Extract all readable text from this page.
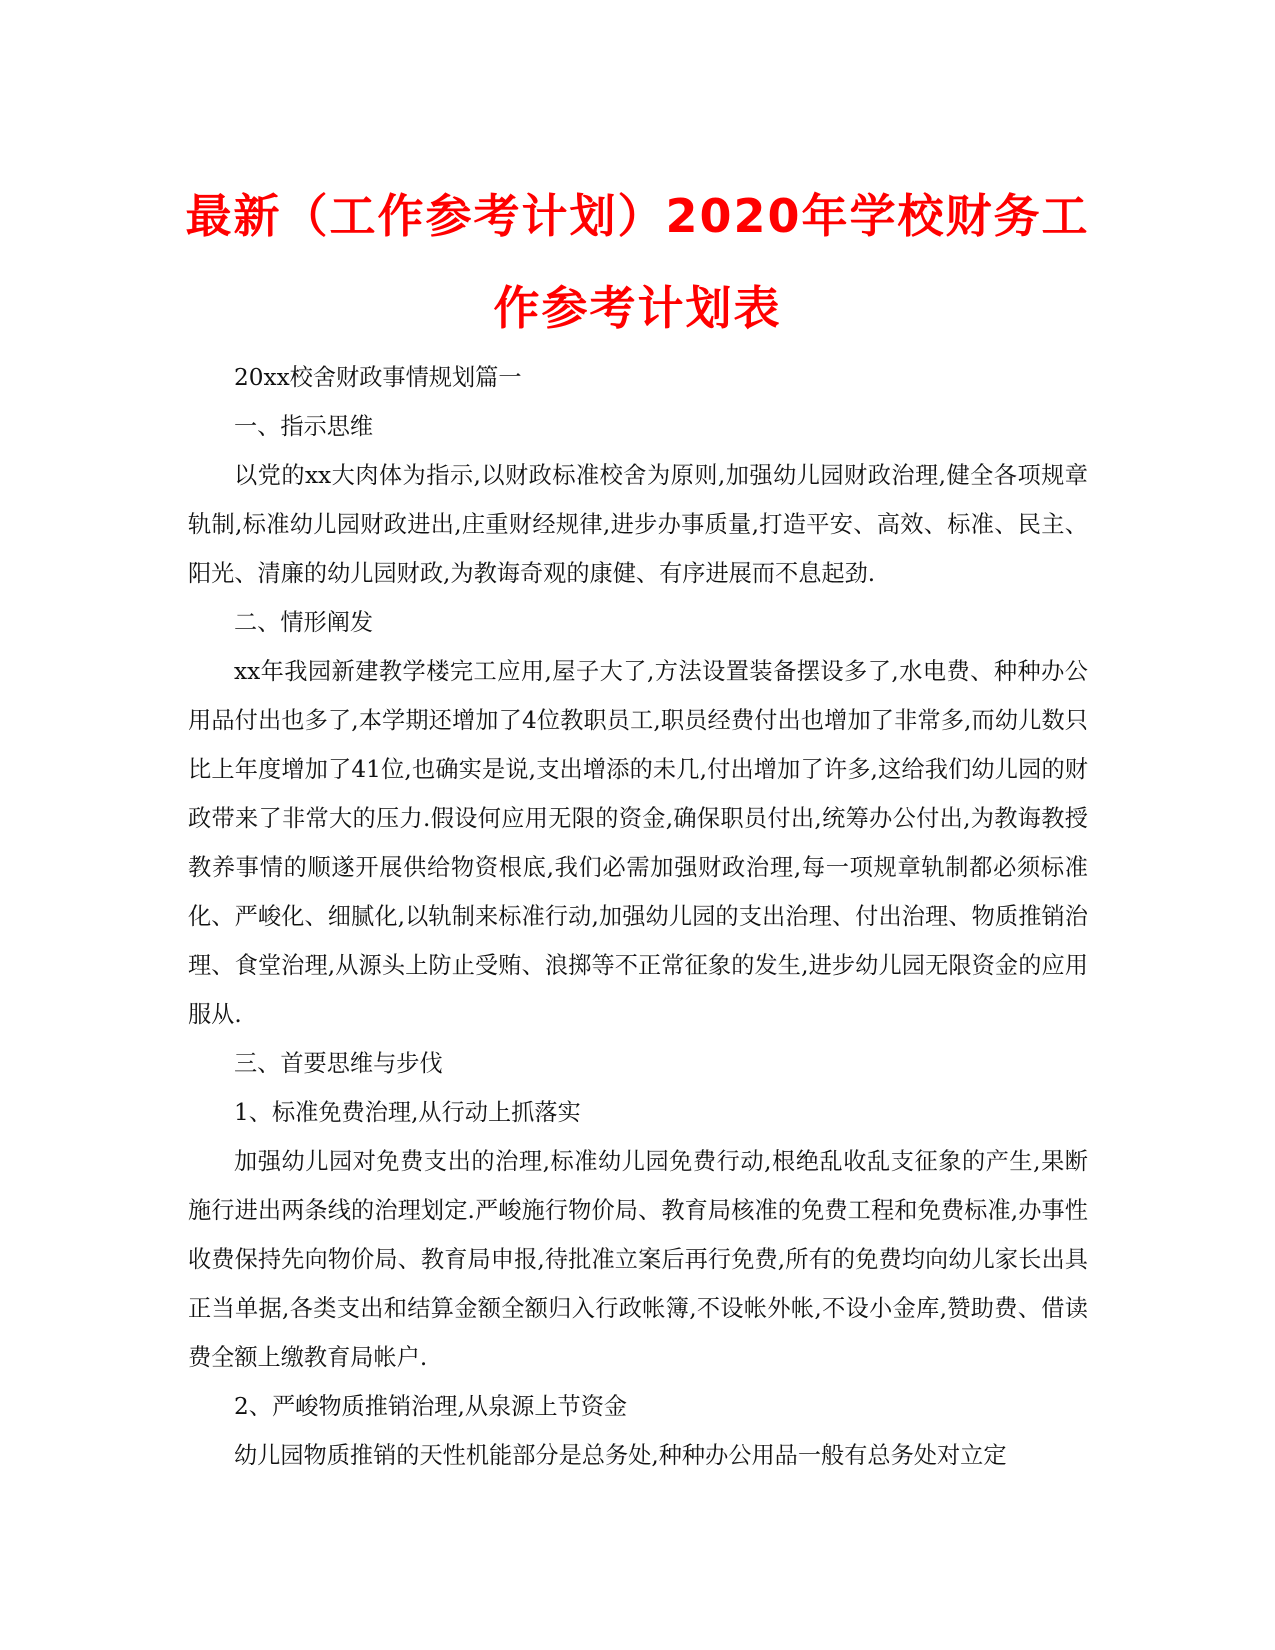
最新（工作参考计划）2020年学校财务工
作参考计划表

20xx校舍财政事情规划篇一

一、指示思维

以党的xx大肉体为指示,以财政标准校舍为原则,加强幼儿园财政治理,健全各项规章轨制,标准幼儿园财政进出,庄重财经规律,进步办事质量,打造平安、高效、标准、民主、阳光、清廉的幼儿园财政,为教诲奇观的康健、有序进展而不息起劲.

二、情形阐发

xx年我园新建教学楼完工应用,屋子大了,方法设置装备摆设多了,水电费、种种办公用品付出也多了,本学期还增加了4位教职员工,职员经费付出也增加了非常多,而幼儿数只比上年度增加了41位,也确实是说,支出增添的未几,付出增加了许多,这给我们幼儿园的财政带来了非常大的压力.假设何应用无限的资金,确保职员付出,统筹办公付出,为教诲教授教养事情的顺遂开展供给物资根底,我们必需加强财政治理,每一项规章轨制都必须标准化、严峻化、细腻化,以轨制来标准行动,加强幼儿园的支出治理、付出治理、物质推销治理、食堂治理,从源头上防止受贿、浪掷等不正常征象的发生,进步幼儿园无限资金的应用服从.

三、首要思维与步伐

1、标准免费治理,从行动上抓落实

加强幼儿园对免费支出的治理,标准幼儿园免费行动,根绝乱收乱支征象的产生,果断施行进出两条线的治理划定.严峻施行物价局、教育局核准的免费工程和免费标准,办事性收费保持先向物价局、教育局申报,待批准立案后再行免费,所有的免费均向幼儿家长出具正当单据,各类支出和结算金额全额归入行政帐簿,不设帐外帐,不设小金库,赞助费、借读费全额上缴教育局帐户.

2、严峻物质推销治理,从泉源上节资金

幼儿园物质推销的天性机能部分是总务处,种种办公用品一般有总务处对立定
